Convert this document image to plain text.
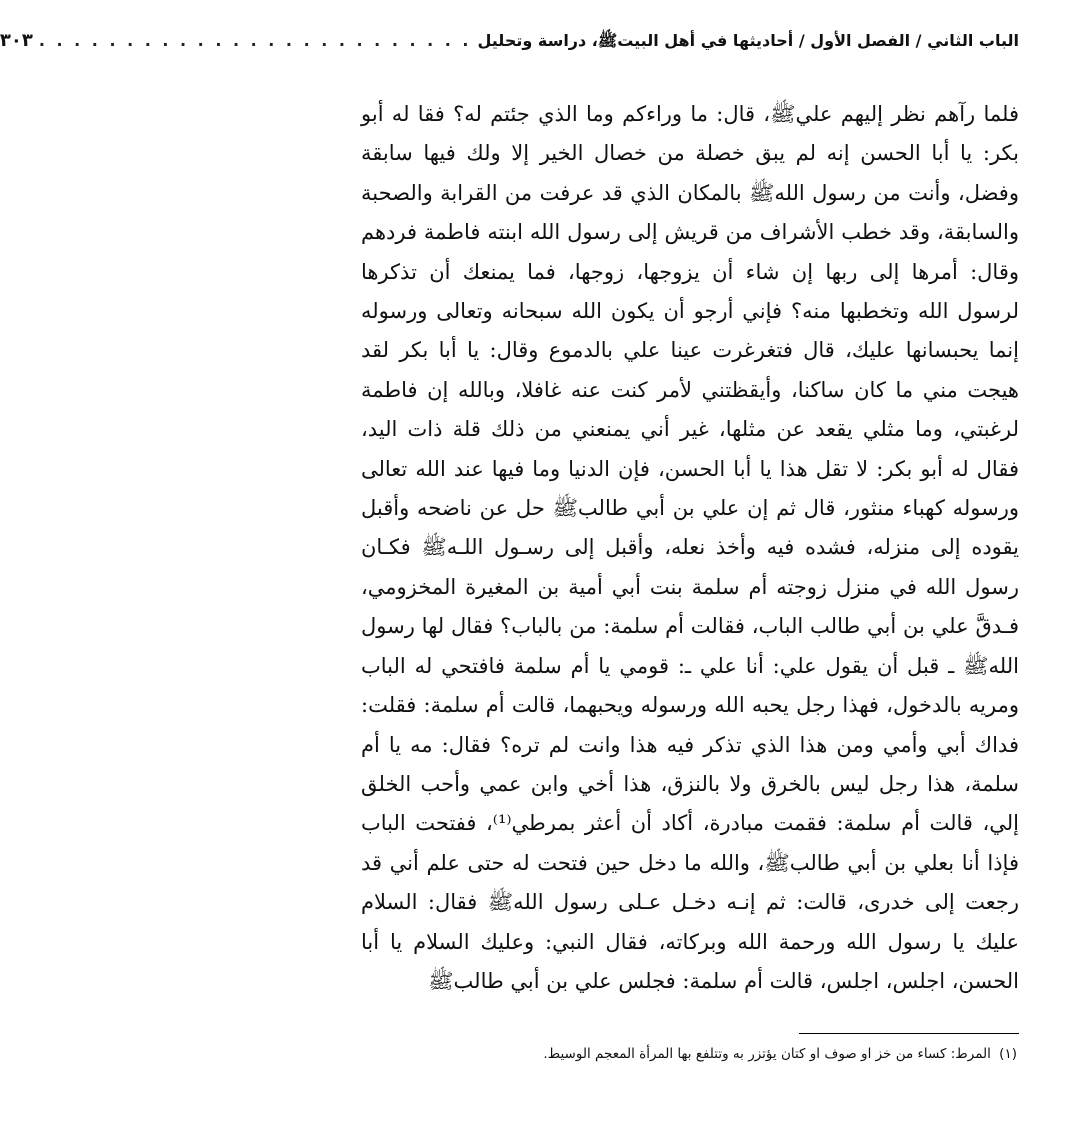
الباب الثاني / الفصل الأول / أحاديثها في أهل البيتﷺ، دراسة وتحليل
. . . . . . . . . . . . . . . . . . . . . . . . .
٣٠٣

فلما رآهم نظر إليهم عليﷺ، قال: ما وراءكم وما الذي جئتم له؟ فقا له أبو بكر: يا أبا الحسن إنه لم يبق خصلة من خصال الخير إلا ولك فيها سابقة وفضل، وأنت من رسول اللهﷺ بالمكان الذي قد عرفت من القرابة والصحبة والسابقة، وقد خطب الأشراف من قريش إلى رسول الله ابنته فاطمة فردهم وقال: أمرها إلى ربها إن شاء أن يزوجها، زوجها، فما يمنعك أن تذكرها لرسول الله وتخطبها منه؟ فإني أرجو أن يكون الله سبحانه وتعالى ورسوله إنما يحبسانها عليك، قال فتغرغرت عينا علي بالدموع وقال: يا أبا بكر لقد هيجت مني ما كان ساكنا، وأيقظتني لأمر كنت عنه غافلا، وبالله إن فاطمة لرغبتي، وما مثلي يقعد عن مثلها، غير أني يمنعني من ذلك قلة ذات اليد، فقال له أبو بكر: لا تقل هذا يا أبا الحسن، فإن الدنيا وما فيها عند الله تعالى ورسوله كهباء منثور، قال ثم إن علي بن أبي طالبﷺ حل عن ناضحه وأقبل يقوده إلى منزله، فشده فيه وأخذ نعله، وأقبل إلى رسـول اللـهﷺ فكـان رسول الله في منزل زوجته أم سلمة بنت أبي أمية بن المغيرة المخزومي، فـدقَّ علي بن أبي طالب الباب، فقالت أم سلمة: من بالباب؟ فقال لها رسول اللهﷺ ـ قبل أن يقول علي: أنا علي ـ: قومي يا أم سلمة فافتحي له الباب ومريه بالدخول، فهذا رجل يحبه الله ورسوله ويحبهما، قالت أم سلمة: فقلت: فداك أبي وأمي ومن هذا الذي تذكر فيه هذا وانت لم تره؟ فقال: مه يا أم سلمة، هذا رجل ليس بالخرق ولا بالنزق، هذا أخي وابن عمي وأحب الخلق إلي، قالت أم سلمة: فقمت مبادرة، أكاد أن أعثر بمرطي⁽¹⁾، ففتحت الباب فإذا أنا بعلي بن أبي طالبﷺ، والله ما دخل حين فتحت له حتى علم أني قد رجعت إلى خدرى، قالت: ثم إنـه دخـل عـلى رسول اللهﷺ فقال: السلام عليك يا رسول الله ورحمة الله وبركاته، فقال النبي: وعليك السلام يا أبا الحسن، اجلس، اجلس، قالت أم سلمة: فجلس علي بن أبي طالبﷺ

(١) المرط: كساء من خز او صوف او كتان يؤتزر به وتتلفع بها المرأة المعجم الوسيط.
